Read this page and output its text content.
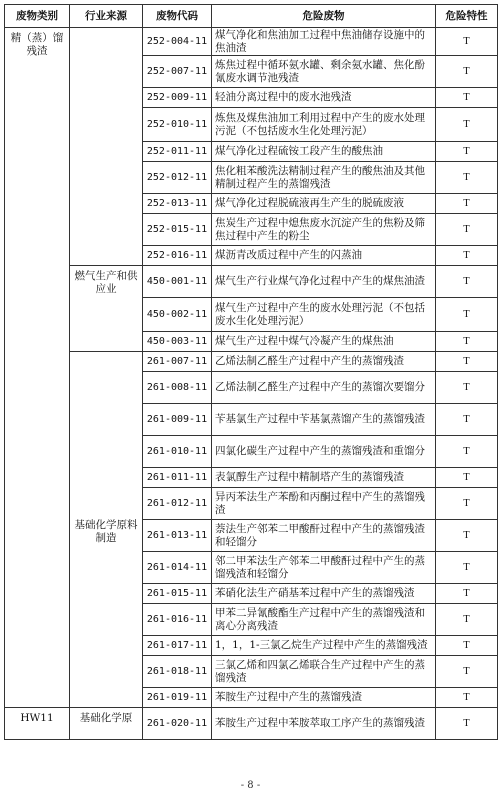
废物类别	行业来源	废物代码	危险废物	危险特性
精（蒸）馏残渣		252-004-11	煤气净化和焦油加工过程中焦油储存设施中的焦油渣	T
		252-007-11	炼焦过程中循环氨水罐、剩余氨水罐、焦化酚氰废水调节池残渣	T
		252-009-11	轻油分离过程中的废水池残渣	T
		252-010-11	炼焦及煤焦油加工利用过程中产生的废水处理污泥（不包括废水生化处理污泥）	T
		252-011-11	煤气净化过程硫铵工段产生的酸焦油	T
		252-012-11	焦化粗苯酸洗法精制过程产生的酸焦油及其他精制过程产生的蒸馏残渣	T
		252-013-11	煤气净化过程脱硫液再生产生的脱硫废液	T
		252-015-11	焦炭生产过程中熄焦废水沉淀产生的焦粉及筛焦过程中产生的粉尘	T
		252-016-11	煤沥青改质过程中产生的闪蒸油	T
	燃气生产和供应业	450-001-11	煤气生产行业煤气净化过程中产生的煤焦油渣	T
		450-002-11	煤气生产过程中产生的废水处理污泥（不包括废水生化处理污泥）	T
		450-003-11	煤气生产过程中煤气冷凝产生的煤焦油	T
	基础化学原料制造	261-007-11	乙烯法制乙醛生产过程中产生的蒸馏残渣	T
		261-008-11	乙烯法制乙醛生产过程中产生的蒸馏次要馏分	T
		261-009-11	苄基氯生产过程中苄基氯蒸馏产生的蒸馏残渣	T
		261-010-11	四氯化碳生产过程中产生的蒸馏残渣和重馏分	T
		261-011-11	表氯醇生产过程中精制塔产生的蒸馏残渣	T
		261-012-11	异丙苯法生产苯酚和丙酮过程中产生的蒸馏残渣	T
		261-013-11	萘法生产邻苯二甲酸酐过程中产生的蒸馏残渣和轻馏分	T
		261-014-11	邻二甲苯法生产邻苯二甲酸酐过程中产生的蒸馏残渣和轻馏分	T
		261-015-11	苯硝化法生产硝基苯过程中产生的蒸馏残渣	T
		261-016-11	甲苯二异氰酸酯生产过程中产生的蒸馏残渣和离心分离残渣	T
		261-017-11	1，1，1-三氯乙烷生产过程中产生的蒸馏残渣	T
		261-018-11	三氯乙烯和四氯乙烯联合生产过程中产生的蒸馏残渣	T
		261-019-11	苯胺生产过程中产生的蒸馏残渣	T
HW11	基础化学原	261-020-11	苯胺生产过程中苯胺萃取工序产生的蒸馏残渣	T
- 8 -
